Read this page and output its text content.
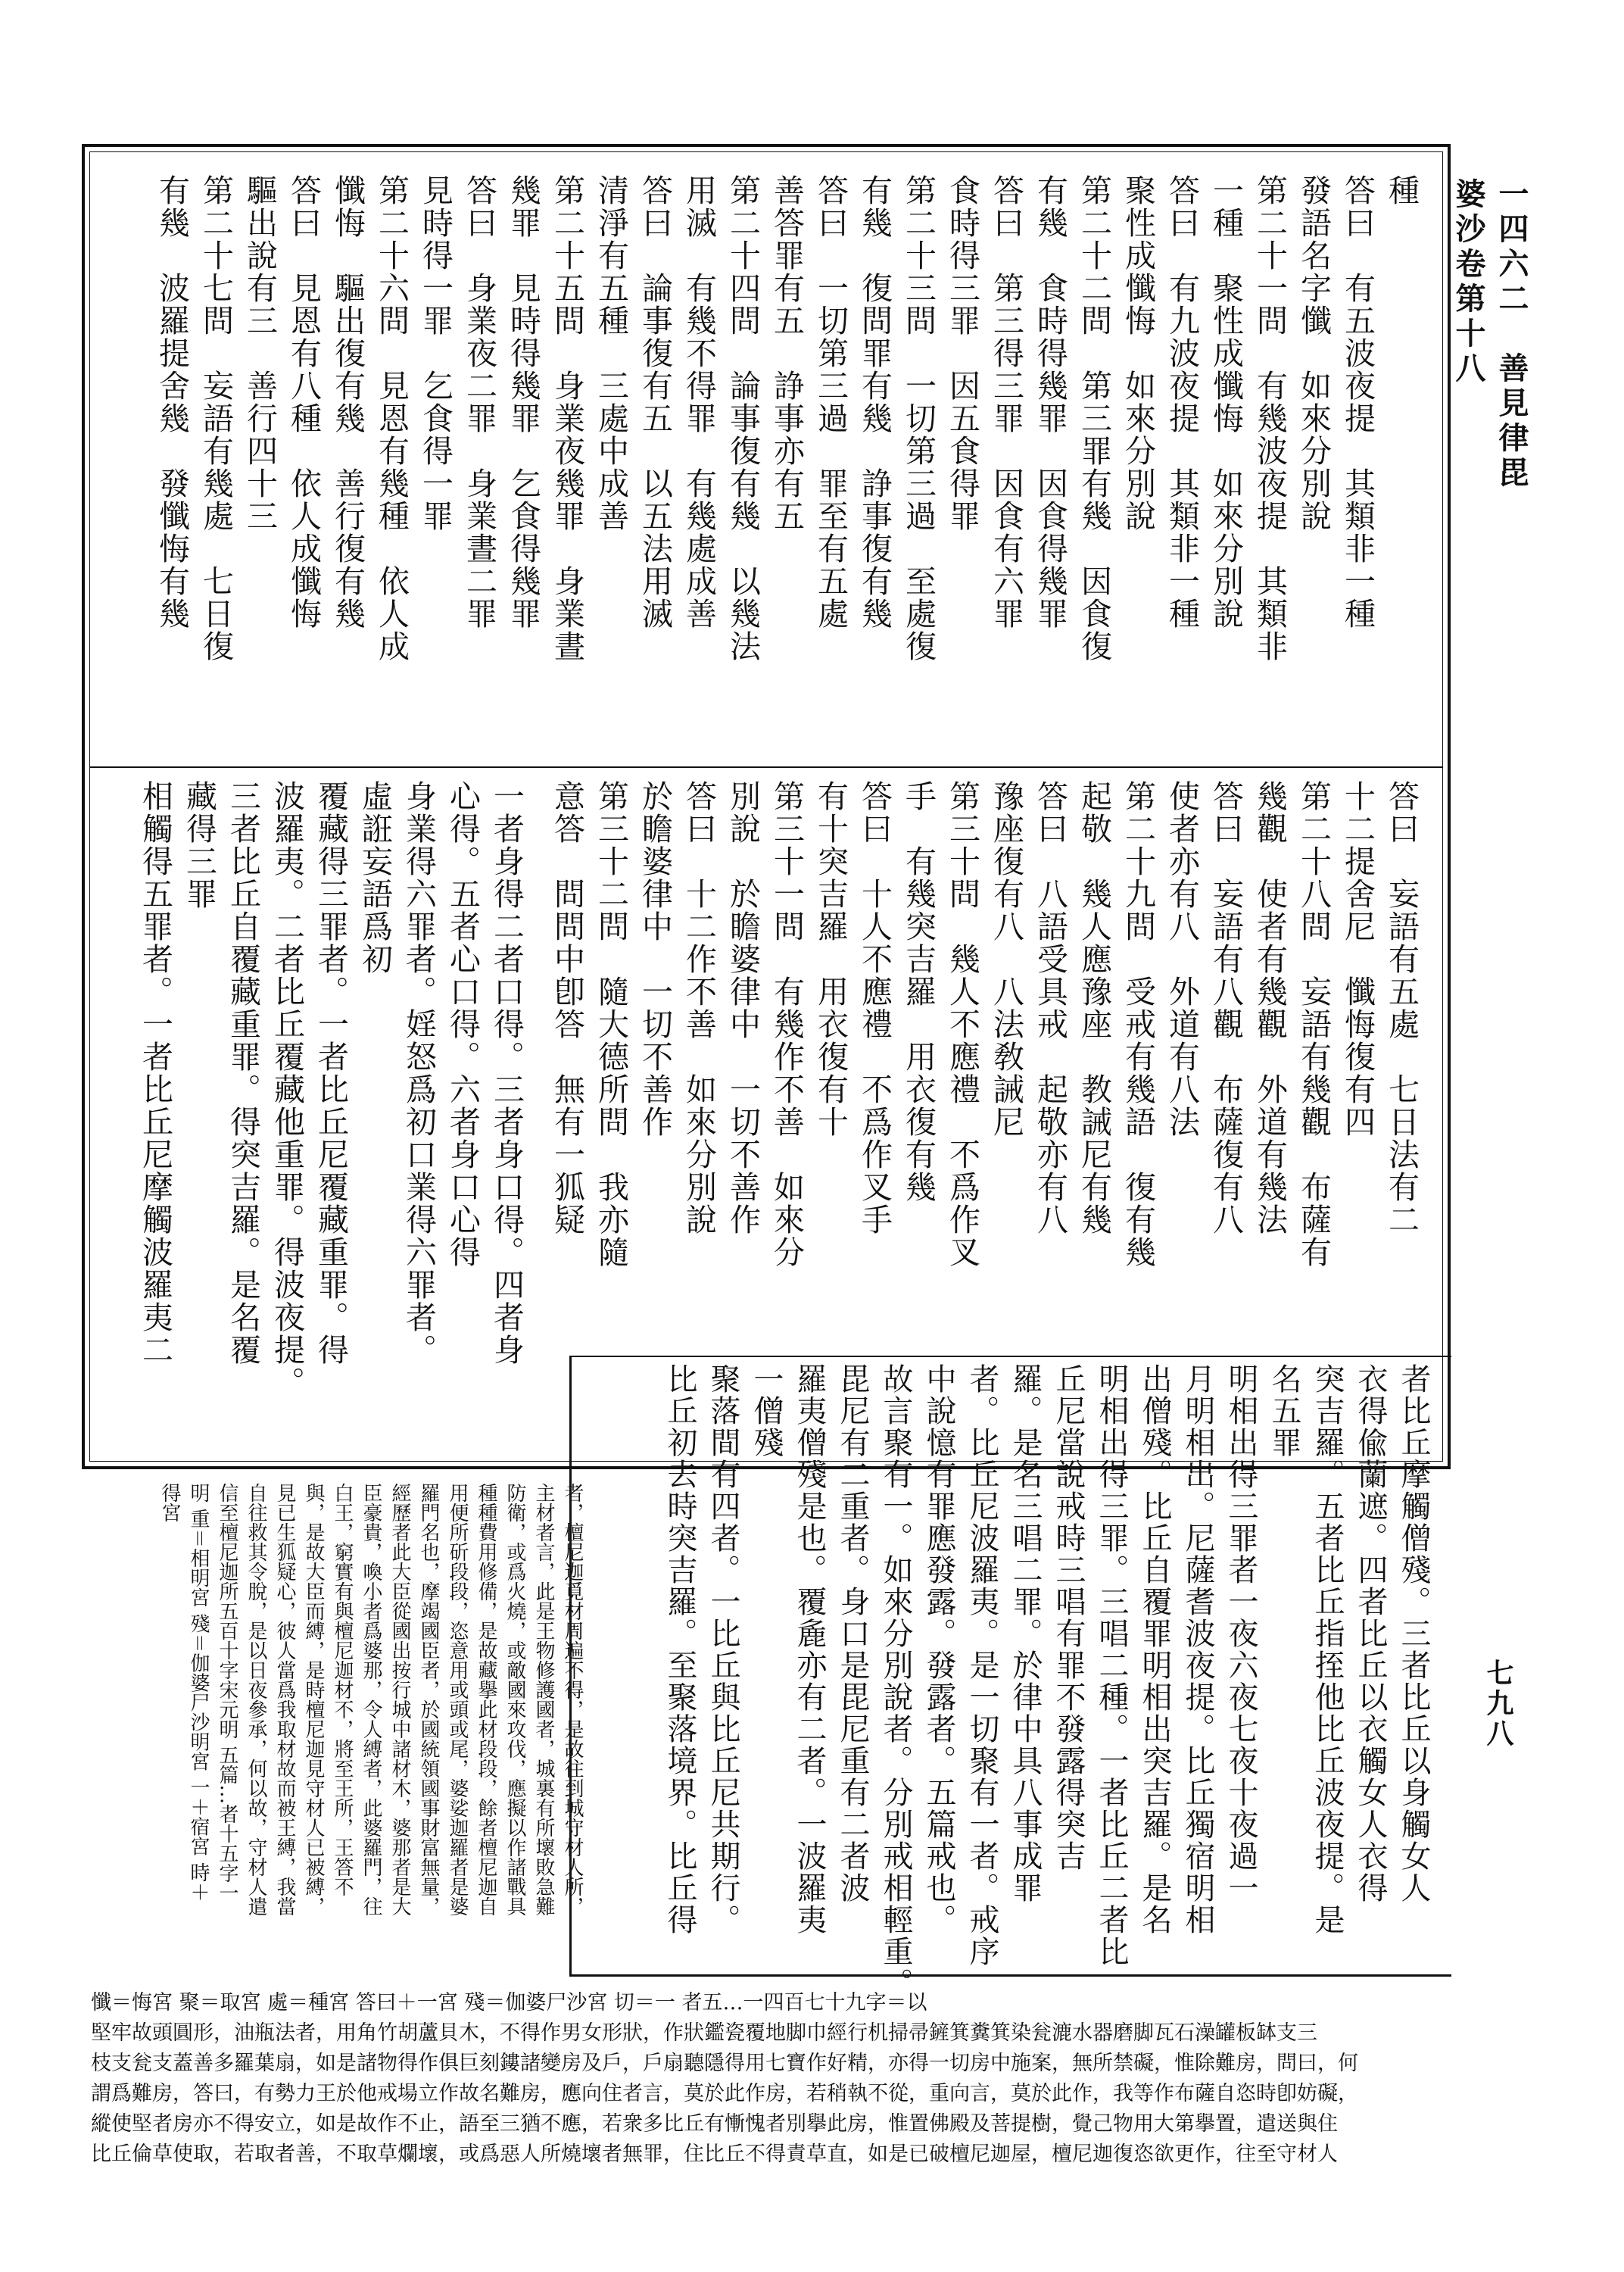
一四六二　善見律毘婆沙卷第十八
七九八
種
答曰　有五波夜提　其類非一種
發語名字懺　如來分別說
第二十一問　有幾波夜提　其類非
一種　聚性成懺悔　如來分別說
答曰　有九波夜提　其類非一種
聚性成懺悔　如來分別說
第二十二問　第三罪有幾　因食復
有幾　食時得幾罪　因食得幾罪
答曰　第三得三罪　因食有六罪
食時得三罪　因五食得罪
第二十三問　一切第三過　至處復
有幾　復問罪有幾　諍事復有幾
答曰　一切第三過　罪至有五處
善答罪有五　諍事亦有五
第二十四問　論事復有幾　以幾法
用滅　有幾不得罪　有幾處成善
答曰　論事復有五　以五法用滅
清淨有五種　三處中成善
第二十五問　身業夜幾罪　身業晝
幾罪　見時得幾罪　乞食得幾罪
答曰　身業夜二罪　身業晝二罪
見時得一罪　乞食得一罪
第二十六問　見恩有幾種　依人成
懺悔　驅出復有幾　善行復有幾
答曰　見恩有八種　依人成懺悔
驅出說有三　善行四十三
第二十七問　妄語有幾處　七日復
有幾　波羅提舍幾　發懺悔有幾
答曰　妄語有五處　七日法有二
十二提舍尼　懺悔復有四
第二十八問　妄語有幾觀　布薩有
幾觀　使者有幾觀　外道有幾法
答曰　妄語有八觀　布薩復有八
使者亦有八　外道有八法
第二十九問　受戒有幾語　復有幾
起敬　幾人應豫座　教誡尼有幾
答曰　八語受具戒　起敬亦有八
豫座復有八　八法敎誡尼
第三十問　幾人不應禮　不爲作叉
手　有幾突吉羅　用衣復有幾
答曰　十人不應禮　不爲作叉手
有十突吉羅　用衣復有十
第三十一問　有幾作不善　如來分
別說　於瞻婆律中　一切不善作
答曰　十二作不善　如來分別說
於瞻婆律中　一切不善作
第三十二問　隨大德所問　我亦隨
意答　問問中卽答　無有一狐疑
一者身得二者口得。三者身口得。四者身
心得。五者心口得。六者身口心得
身業得六罪者。婬怒爲初口業得六罪者。
虛誑妄語爲初
覆藏得三罪者。一者比丘尼覆藏重罪。得
波羅夷。二者比丘覆藏他重罪。得波夜提。
三者比丘自覆藏重罪。得突吉羅。是名覆
藏得三罪
相觸得五罪者。一者比丘尼摩觸波羅夷二
者，檀尼迦覓材周遍不得，是故往到城守材人所，主材者言，此是王物修護國者，城裏有所壞敗急難防衛，或爲火燒，或敵國來攻伐，應擬以作諸戰具種種費用修備，是故藏擧此材段段，餘者檀尼迦自用便所斫段段，恣意用或頭或尾，婆娑迦羅者是婆羅門名也，摩竭國臣者，於國統領國事財富無量，經歷者此大臣從國出按行城中諸材木，婆那者是大臣豪貴，喚小者爲婆那，令人縛者，此婆羅門，往白王，窮實有與檀尼迦材不，將至王所，王答不與，是故大臣而縛，是時檀尼迦見守材人已被縛，見已生狐疑心，彼人當爲我取材故而被王縛，我當自往救其令脫，是以日夜參承，何以故，守材人遣信至檀尼迦所五百十字宋元明 五篇…者十五字一明 重＝相明宮 殘＝伽婆尸沙明宮 一＋宿宮 時＋得宮	者比丘摩觸僧殘。三者比丘以身觸女人
衣得偸蘭遮。四者比丘以衣觸女人衣得
突吉羅。五者比丘指挃他比丘波夜提。是
名五罪
明相出得三罪者一夜六夜七夜十夜過一
月明相出。尼薩耆波夜提。比丘獨宿明相
出僧殘。比丘自覆罪明相出突吉羅。是名
明相出得三罪。三唱二種。一者比丘二者比
丘尼當說戒時三唱有罪不發露得突吉
羅。是名三唱二罪。於律中具八事成罪
者。比丘尼波羅夷。是一切聚有一者。戒序
中說憶有罪應發露。發露者。五篇戒也。
故言聚有一。如來分別說者。分別戒相輕重。
毘尼有二重者。身口是毘尼重有二者波
羅夷僧殘是也。覆麁亦有二者。一波羅夷
一僧殘
聚落間有四者。一比丘與比丘尼共期行。
比丘初去時突吉羅。至聚落境界。比丘得
懺＝悔宮 聚＝取宮 處＝種宮 答曰＋一宮 殘＝伽婆尸沙宮 切＝一 者五…一四百七十九字＝以
堅牢故頭圓形，油瓶法者，用角竹胡蘆貝木，不得作男女形狀，作狀鑑瓷覆地脚巾經行机掃帚鏟箕糞箕染瓮漉水器磨脚瓦石澡罐板缽支三
枝支瓮支蓋善多羅葉扇，如是諸物得作俱巨刻鏤諸變房及戶，戶扇聽隱得用七寶作好精，亦得一切房中施案，無所禁礙，惟除難房，問曰，何
謂爲難房，答曰，有勢力王於他戒場立作故名難房，應向住者言，莫於此作房，若稍執不從，重向言，莫於此作，我等作布薩自恣時卽妨礙，
縱使堅者房亦不得安立，如是故作不止，語至三猶不應，若衆多比丘有慚愧者別擧此房，惟置佛殿及菩提樹，覺己物用大第擧置，遣送與住
比丘倫草使取，若取者善，不取草爛壞，或爲惡人所燒壞者無罪，住比丘不得責草直，如是已破檀尼迦屋，檀尼迦復恣欲更作，往至守材人
